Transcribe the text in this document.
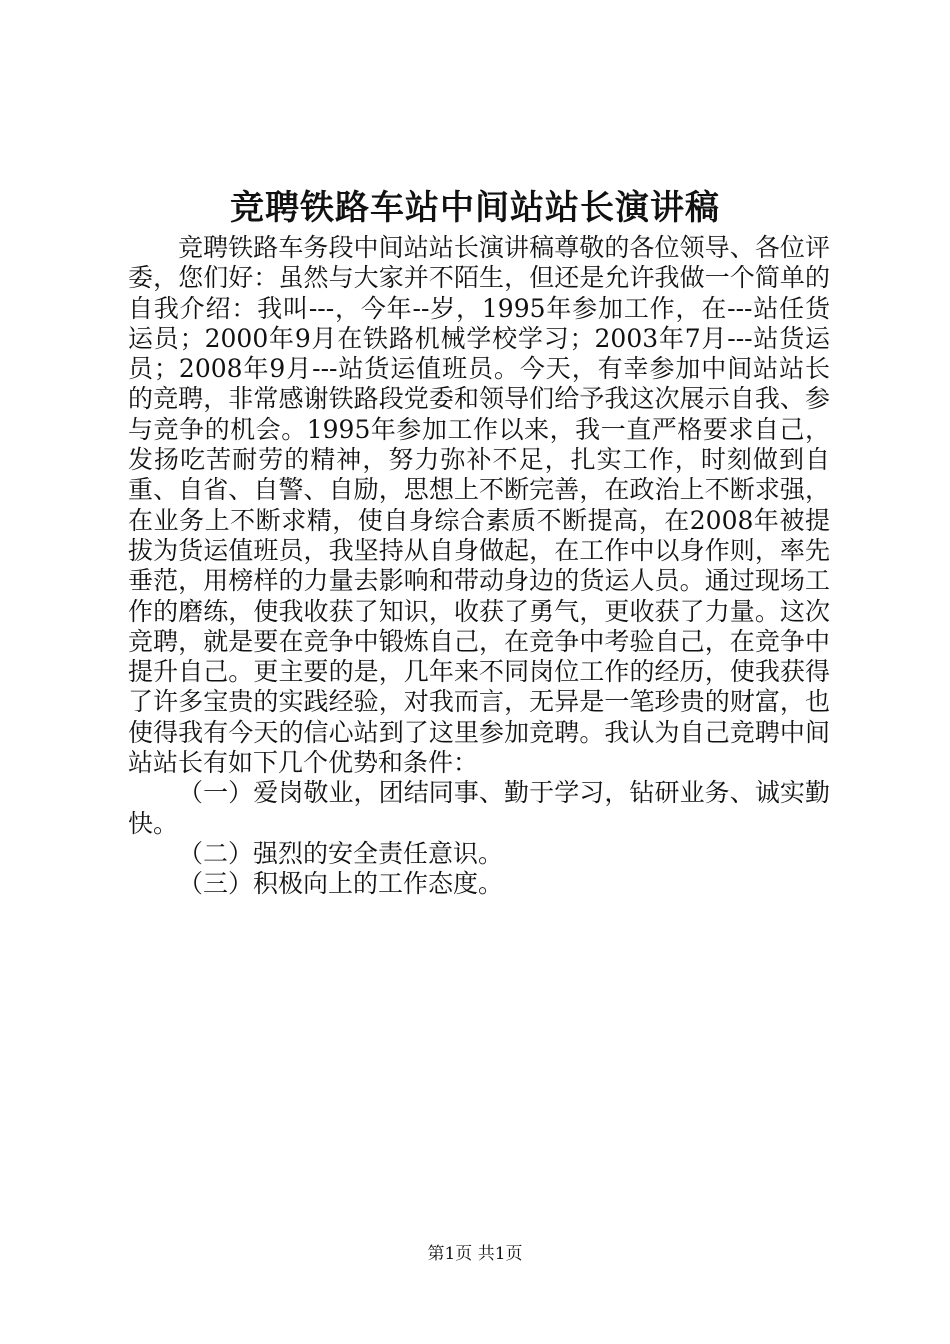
竞聘铁路车站中间站站长演讲稿

竞聘铁路车务段中间站站长演讲稿尊敬的各位领导、各位评委，您们好：虽然与大家并不陌生，但还是允许我做一个简单的自我介绍：我叫---，今年--岁，1995年参加工作，在---站任货运员；2000年9月在铁路机械学校学习；2003年7月---站货运员；2008年9月---站货运值班员。今天，有幸参加中间站站长的竞聘，非常感谢铁路段党委和领导们给予我这次展示自我、参与竞争的机会。1995年参加工作以来，我一直严格要求自己，发扬吃苦耐劳的精神，努力弥补不足，扎实工作，时刻做到自重、自省、自警、自励，思想上不断完善，在政治上不断求强，在业务上不断求精，使自身综合素质不断提高，在2008年被提拔为货运值班员，我坚持从自身做起，在工作中以身作则，率先垂范，用榜样的力量去影响和带动身边的货运人员。通过现场工作的磨练，使我收获了知识，收获了勇气，更收获了力量。这次竞聘，就是要在竞争中锻炼自己，在竞争中考验自己，在竞争中提升自己。更主要的是，几年来不同岗位工作的经历，使我获得了许多宝贵的实践经验，对我而言，无异是一笔珍贵的财富，也使得我有今天的信心站到了这里参加竞聘。我认为自己竞聘中间站站长有如下几个优势和条件：

（一）爱岗敬业，团结同事、勤于学习，钻研业务、诚实勤快。

（二）强烈的安全责任意识。

（三）积极向上的工作态度。

第1页 共1页
